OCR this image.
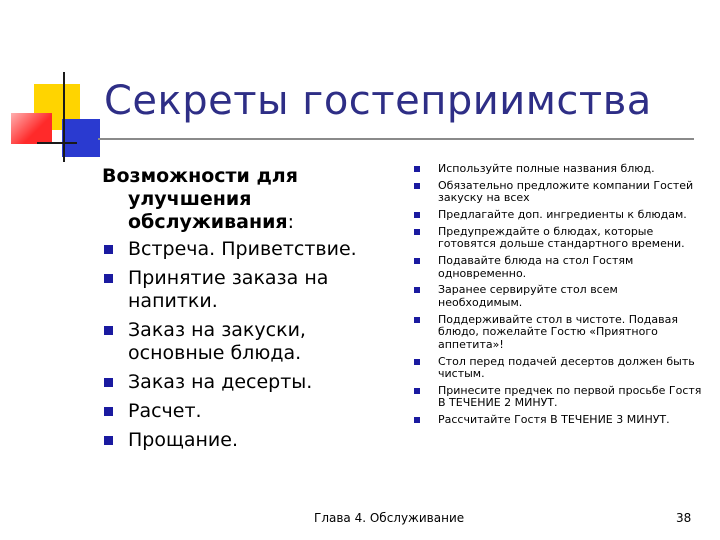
Секреты гостеприимства
Возможности для улучшения обслуживания:
Встреча. Приветствие.
Принятие заказа на напитки.
Заказ на закуски, основные блюда.
Заказ на десерты.
Расчет.
Прощание.
Используйте полные названия блюд.
Обязательно предложите компании Гостей закуску на всех
Предлагайте доп. ингредиенты к блюдам.
Предупреждайте о блюдах, которые готовятся дольше стандартного времени.
Подавайте блюда на стол Гостям одновременно.
Заранее сервируйте стол всем необходимым.
Поддерживайте стол в чистоте. Подавая блюдо, пожелайте Гостю «Приятного аппетита»!
Стол перед подачей десертов должен быть чистым.
Принесите предчек по первой просьбе Гостя В ТЕЧЕНИЕ 2 МИНУТ.
Рассчитайте Гостя В ТЕЧЕНИЕ 3 МИНУТ.
Глава 4. Обслуживание	38
